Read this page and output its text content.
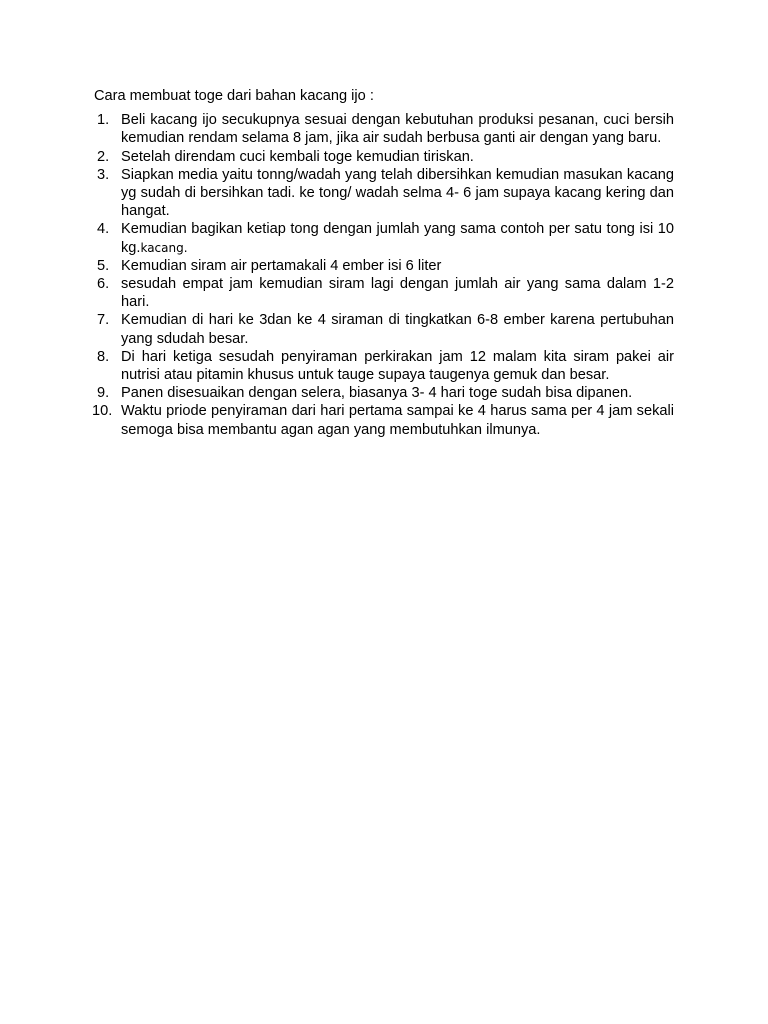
Cara membuat toge dari bahan kacang ijo :

1. Beli kacang ijo secukupnya sesuai dengan kebutuhan produksi pesanan, cuci bersih kemudian rendam selama 8 jam, jika air sudah berbusa ganti air dengan yang baru.
2. Setelah direndam cuci kembali toge kemudian tiriskan.
3. Siapkan media yaitu tonng/wadah yang telah dibersihkan kemudian masukan kacang yg sudah di bersihkan tadi. ke tong/ wadah selma 4- 6 jam supaya kacang kering dan hangat.
4. Kemudian bagikan ketiap tong dengan jumlah yang sama contoh per satu tong isi 10 kg.kacang.
5. Kemudian siram air pertamakali 4 ember isi 6 liter
6. sesudah empat jam kemudian siram lagi dengan jumlah air yang sama dalam 1-2 hari.
7. Kemudian di hari ke 3dan ke 4 siraman di tingkatkan 6-8 ember karena pertubuhan yang sdudah besar.
8. Di hari ketiga sesudah penyiraman perkirakan jam 12 malam kita siram pakei air nutrisi atau pitamin khusus untuk tauge supaya taugenya gemuk dan besar.
9. Panen disesuaikan dengan selera, biasanya 3- 4 hari toge sudah bisa dipanen.
10. Waktu priode penyiraman dari hari pertama sampai ke 4 harus sama per 4 jam sekali semoga bisa membantu agan agan yang membutuhkan ilmunya.
